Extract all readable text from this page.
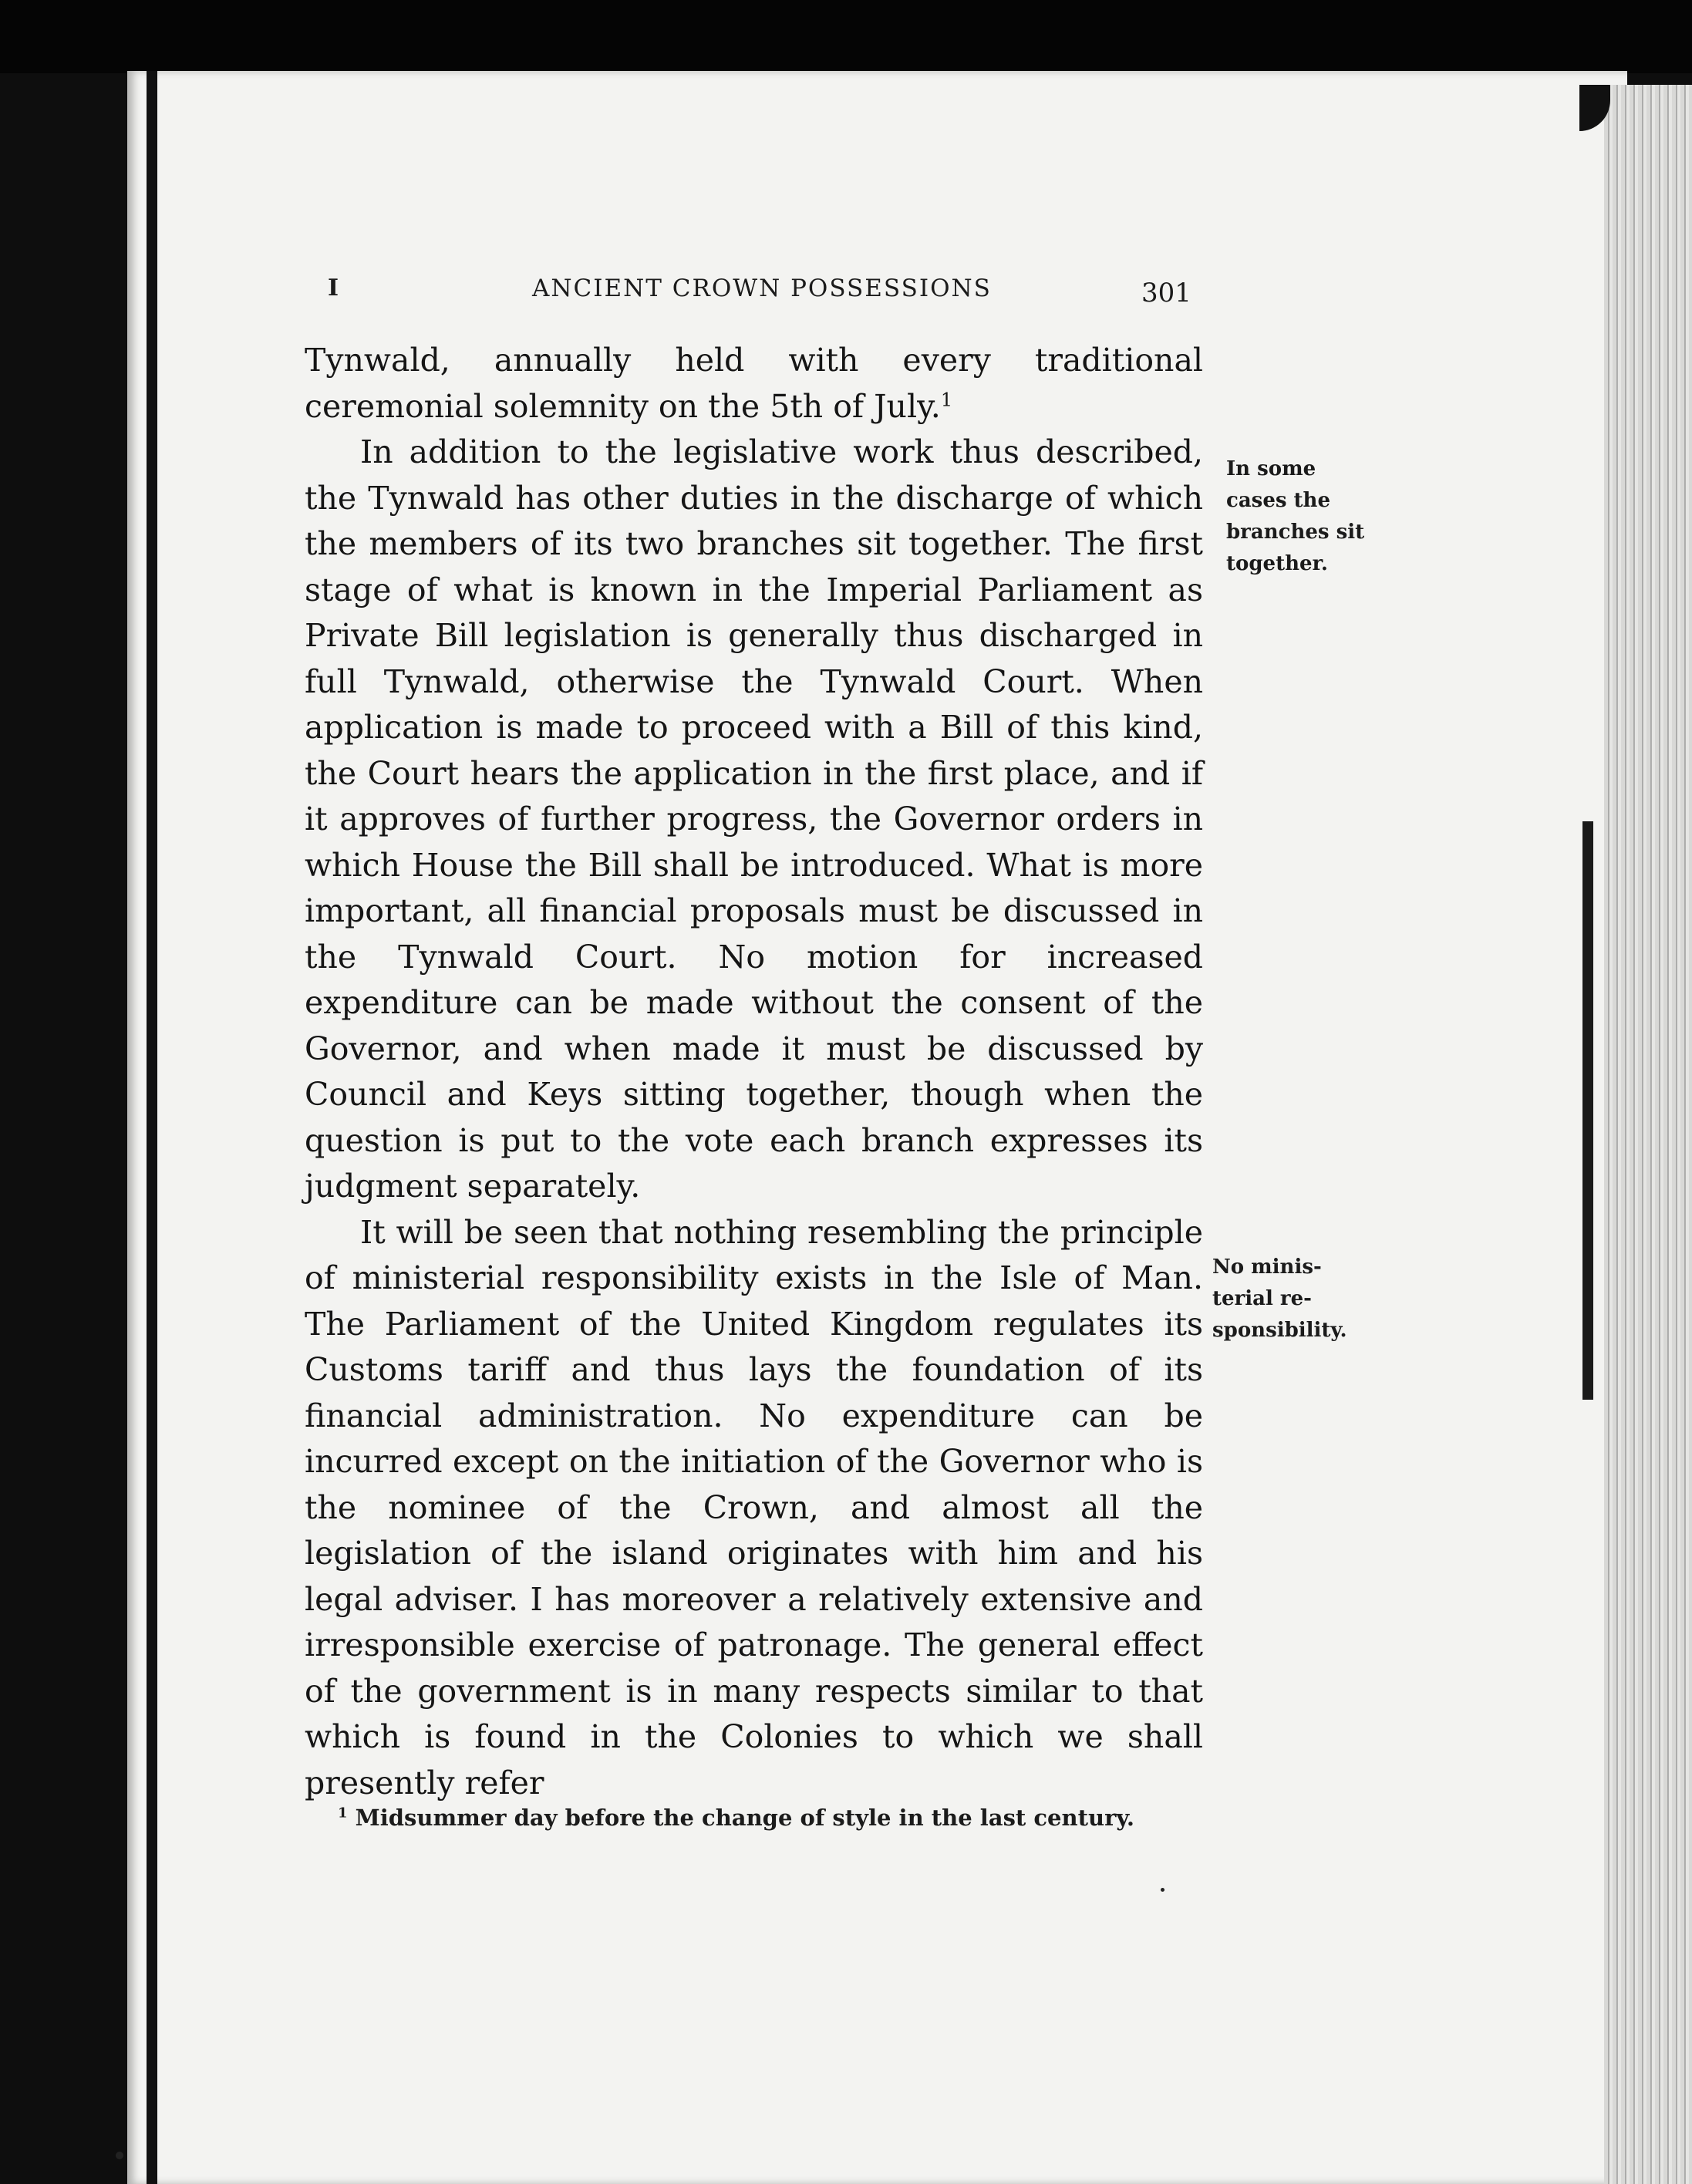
I	ANCIENT CROWN POSSESSIONS	301

Tynwald, annually held with every traditional ceremonial solemnity on the 5th of July.$^1$

In addition to the legislative work thus described, the Tynwald has other duties in the discharge of which the members of its two branches sit together. The first stage of what is known in the Imperial Parliament as Private Bill legislation is generally thus discharged in full Tynwald, otherwise the Tynwald Court. When application is made to proceed with a Bill of this kind, the Court hears the application in the first place, and if it approves of further progress, the Governor orders in which House the Bill shall be introduced. What is more important, all financial proposals must be discussed in the Tynwald Court. No motion for increased expenditure can be made without the consent of the Governor, and when made it must be discussed by Council and Keys sitting together, though when the question is put to the vote each branch expresses its judgment separately.

It will be seen that nothing resembling the principle of ministerial responsibility exists in the Isle of Man. The Parliament of the United Kingdom regulates its Customs tariff and thus lays the foundation of its financial administration. No expenditure can be incurred except on the initiation of the Governor who is the nominee of the Crown, and almost all the legislation of the island originates with him and his legal adviser. I has moreover a relatively extensive and irresponsible exercise of patronage. The general effect of the government is in many respects similar to that which is found in the Colonies to which we shall presently refer

In some
cases the
branches sit
together.
No minis-
terial re-
sponsibility.
$^1$ Midsummer day before the change of style in the last century.
